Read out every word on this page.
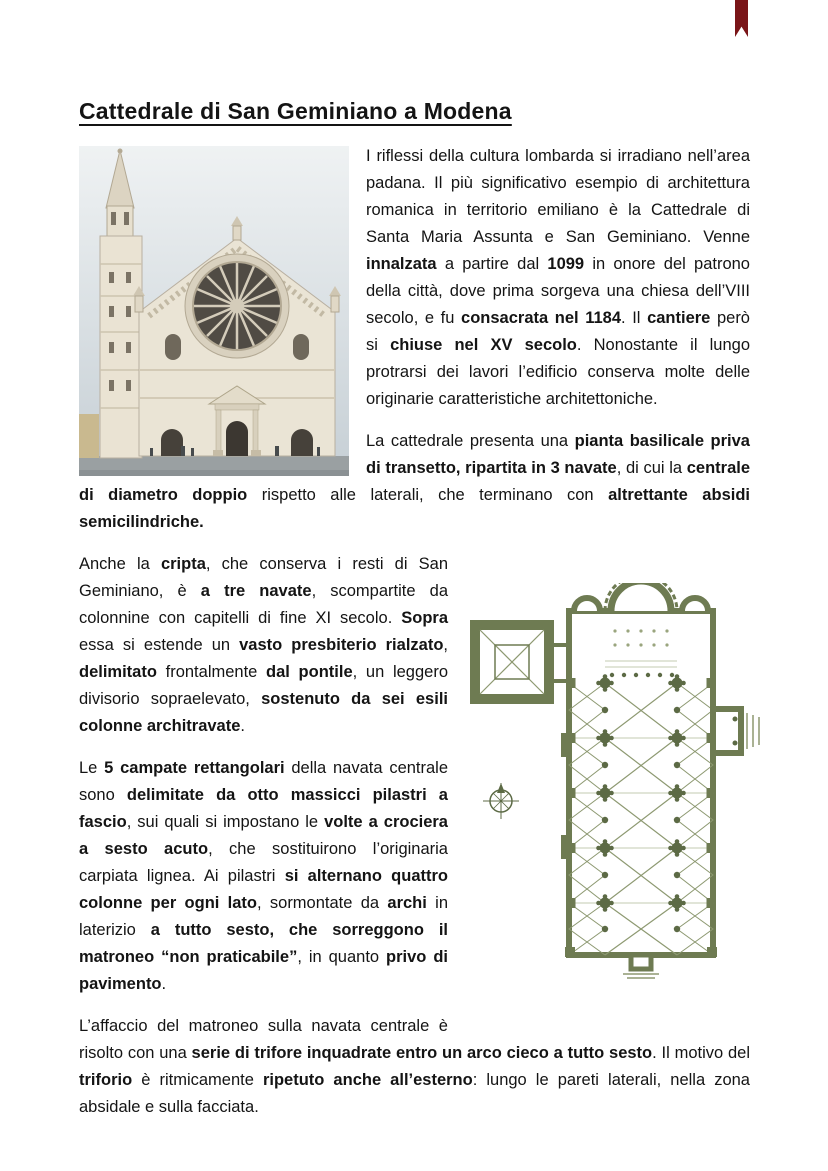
Cattedrale di San Geminiano a Modena

I riflessi della cultura lombarda si irradiano nell’area padana. Il più significativo esempio di architettura romanica in territorio emiliano è la Cattedrale di Santa Maria Assunta e San Geminiano. Venne innalzata a partire dal 1099 in onore del patrono della città, dove prima sorgeva una chiesa dell’VIII secolo, e fu consacrata nel 1184. Il cantiere però si chiuse nel XV secolo. Nonostante il lungo protrarsi dei lavori l’edificio conserva molte delle originarie caratteristiche architettoniche.

La cattedrale presenta una pianta basilicale priva di transetto, ripartita in 3 navate, di cui la centrale di diametro doppio rispetto alle laterali, che terminano con altrettante absidi semicilindriche.

Anche la cripta, che conserva i resti di San Geminiano, è a tre navate, scompartite da colonnine con capitelli di fine XI secolo. Sopra essa si estende un vasto presbiterio rialzato, delimitato frontalmente dal pontile, un leggero divisorio sopraelevato, sostenuto da sei esili colonne architravate.

Le 5 campate rettangolari della navata centrale sono delimitate da otto massicci pilastri a fascio, sui quali si impostano le volte a crociera a sesto acuto, che sostituirono l’originaria carpiata lignea. Ai pilastri si alternano quattro colonne per ogni lato, sormontate da archi in laterizio a tutto sesto, che sorreggono il matroneo “non praticabile”, in quanto privo di pavimento.

L’affaccio del matroneo sulla navata centrale è risolto con una serie di trifore inquadrate entro un arco cieco a tutto sesto. Il motivo del triforio è ritmicamente ripetuto anche all’esterno: lungo le pareti laterali, nella zona absidale e sulla facciata.
